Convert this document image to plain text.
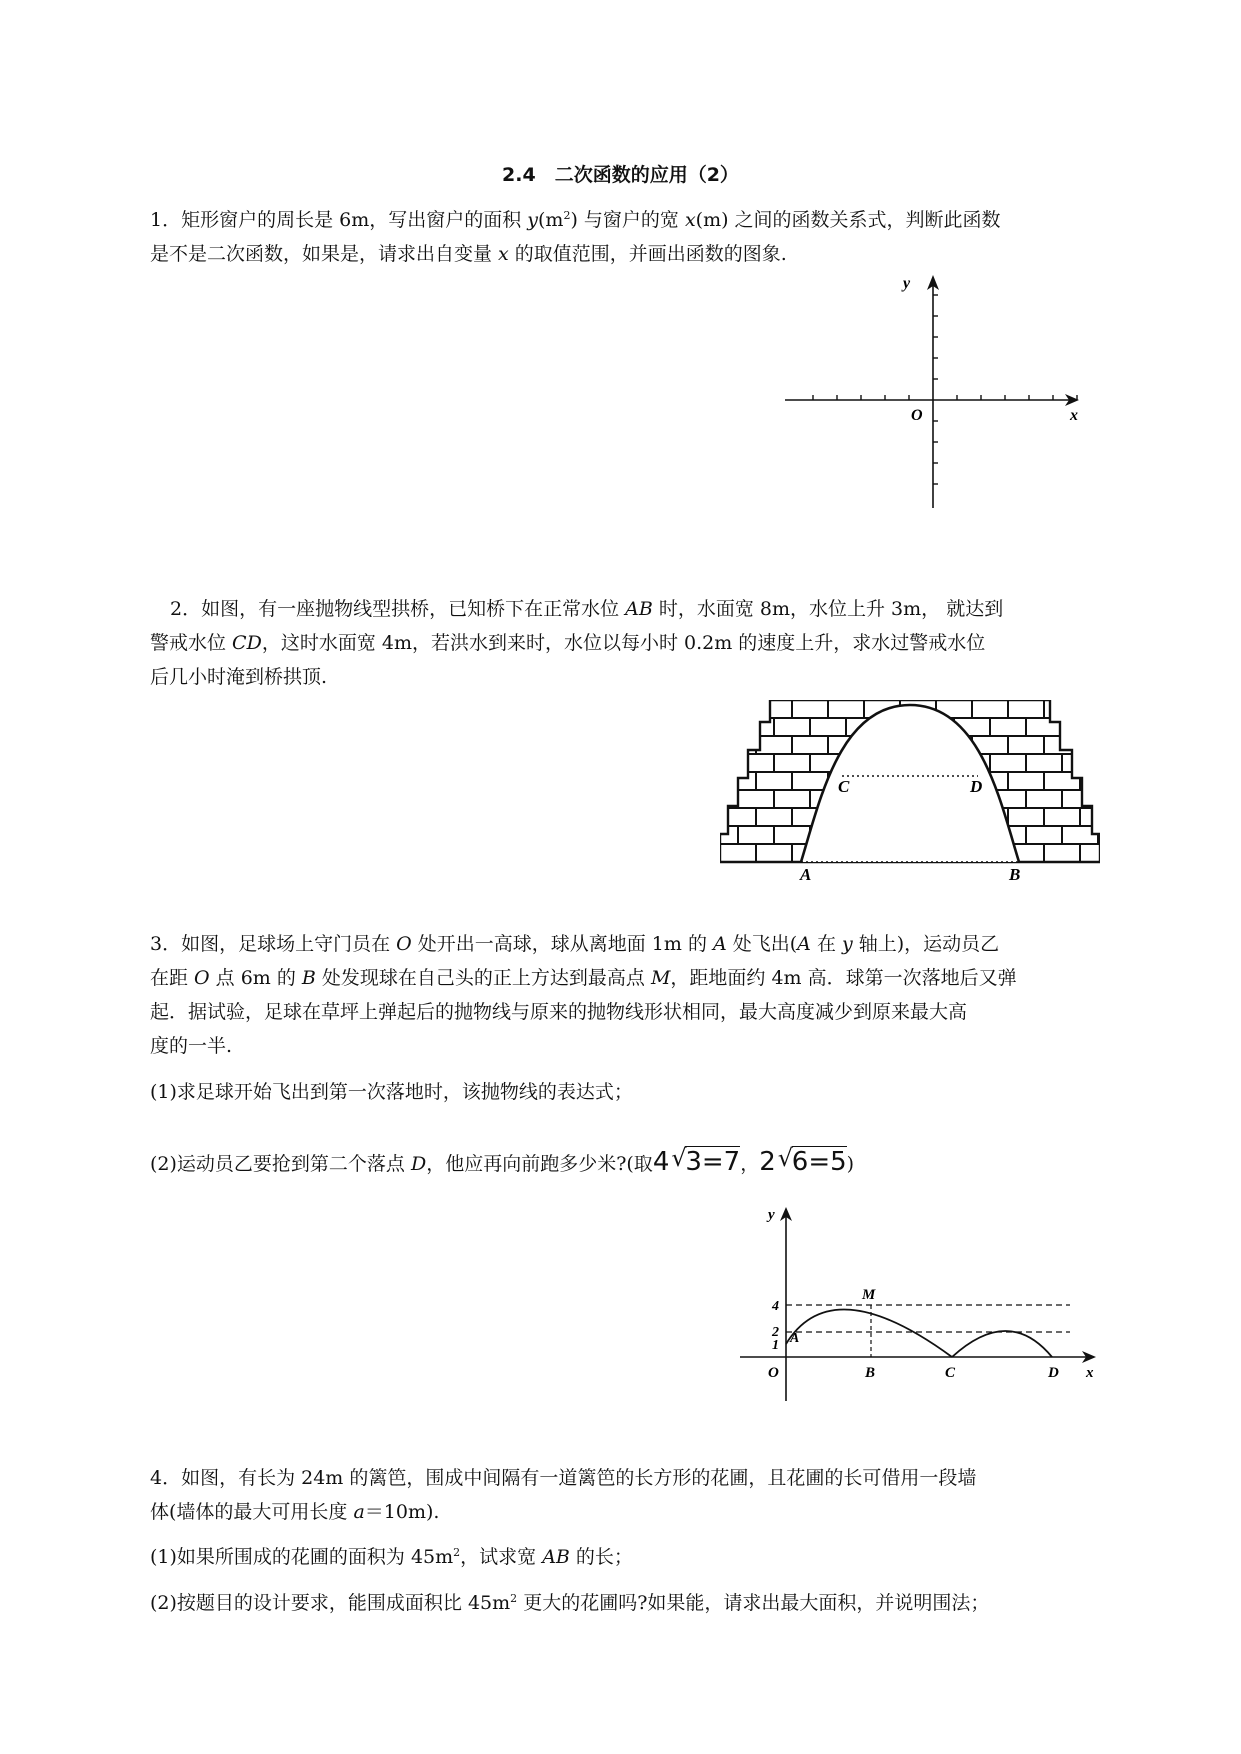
2.4　二次函数的应用（2）
1．矩形窗户的周长是 6m，写出窗户的面积 $y(m^2)$ 与窗户的宽 x(m) 之间的函数关系式，判断此函数
是不是二次函数，如果是，请求出自变量 x 的取值范围，并画出函数的图象.
y
x
O
2．如图，有一座抛物线型拱桥，已知桥下在正常水位 AB 时，水面宽 8m，水位上升 3m， 就达到
警戒水位 CD，这时水面宽 4m，若洪水到来时，水位以每小时 0.2m 的速度上升，求水过警戒水位
后几小时淹到桥拱顶.
C	D
A	B
3．如图，足球场上守门员在 O 处开出一高球，球从离地面 1m 的 A 处飞出(A 在 y 轴上)，运动员乙
在距 O 点 6m 的 B 处发现球在自己头的正上方达到最高点 M，距地面约 4m 高．球第一次落地后又弹
起．据试验，足球在草坪上弹起后的抛物线与原来的抛物线形状相同，最大高度减少到原来最大高
度的一半.
(1)求足球开始飞出到第一次落地时，该抛物线的表达式；
(2)运动员乙要抢到第二个落点 D，他应再向前跑多少米?(取4 √
3=7，2 √
6=5)
y
x
O
4
2
1 A
M
B	C	D
4．如图，有长为 24m 的篱笆，围成中间隔有一道篱笆的长方形的花圃，且花圃的长可借用一段墙
体(墙体的最大可用长度 a＝10m).
(1)如果所围成的花圃的面积为 $45m^2$，试求宽 AB 的长；
(2)按题目的设计要求，能围成面积比 $45m^2$ 更大的花圃吗?如果能，请求出最大面积，并说明围法；
